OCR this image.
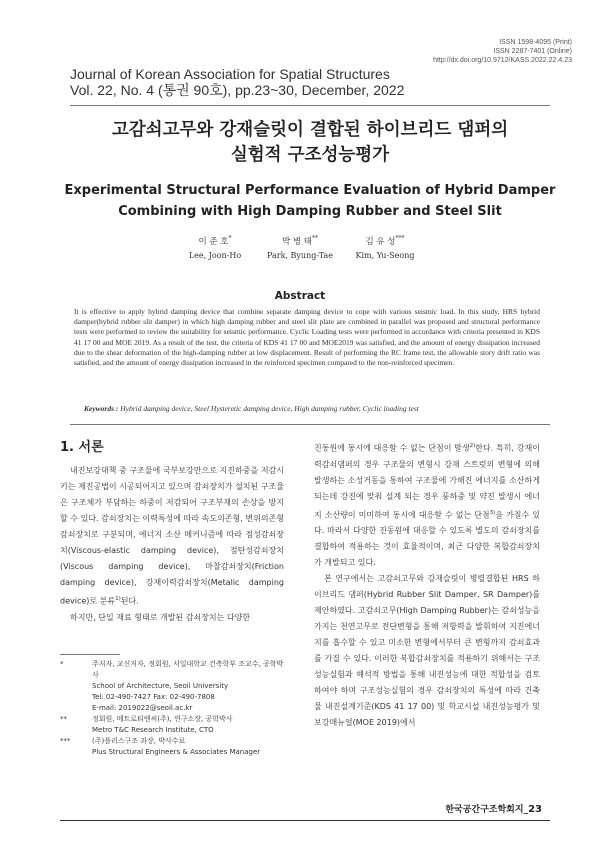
ISSN 1598-4095 (Print)
ISSN 2287-7401 (Online)
http://dx.doi.org/10.9712/KASS.2022.22.4.23
Journal of Korean Association for Spatial Structures
Vol. 22, No. 4 (통권 90호), pp.23~30, December, 2022
고감쇠고무와 강재슬릿이 결합된 하이브리드 댐퍼의
실험적 구조성능평가
Experimental Structural Performance Evaluation of Hybrid Damper
Combining with High Damping Rubber and Steel Slit
이 준 호*
Lee, Joon-Ho
박 병 태**
Park, Byung-Tae
김 유 성***
Kim, Yu-Seong
Abstract
It is effective to apply hybrid damping device that combine separate damping device to cope with various seismic load. In this study, HRS hybrid damper(hybrid rubber slit damper) in which high damping rubber and steel slit plate are combined in parallel was proposed and structural performance tests were performed to review the suitability for seismic performance. Cyclic Loading tests were performed in accordance with criteria presented in KDS 41 17 00 and MOE 2019. As a result of the test, the criteria of KDS 41 17 00 and MOE2019 was satisfied, and the amount of energy dissipation increased due to the shear deformation of the high-damping rubber at low displacement. Result of performing the RC frame test, the allowable story drift ratio was satisfied, and the amount of energy dissipation increased in the reinforced specimen compared to the non-reinforced specimen.
Keywords : Hybrid damping device, Steel Hysteretic damping device, High damping rubber, Cyclic loading test
1. 서론

내진보강대책 중 구조물에 국부보강만으로 지진하중을 저감시키는 제진공법이 시공되어지고 있으며 감쇠장치가 설치된 구조물은 구조체가 부담하는 하중이 저감되어 구조부재의 손상을 방지 할 수 있다. 감쇠장치는 이력특성에 따라 속도의존형, 변위의존형 감쇠장치로 구분되며, 에너지 소산 메커니즘에 따라 점성감쇠장치(Viscous-elastic damping device), 점탄성감쇠장치(Viscous damping device), 마찰감쇠장치(Friction damping device), 강재이력감쇠장치(Metalic damping device)로 분류$^{1)}$된다.

하지만, 단일 재료 형태로 개발된 감쇠장치는 다양한

*	주저자, 교신저자, 정회원, 서일대학교 건축학부 조교수, 공학박사
School of Architecture, Seoil University
Tel: 02-490-7427 Fax: 02-490-7808
E-mail: 2019022@seoil.ac.kr
**	정회원, 메트로티엔씨(주), 연구소장, 공학박사
Metro T&C Research Institute, CTO
***	(주)플러스구조 과장, 박사수료
Plus Structural Engineers & Associates Manager

진동원에 동시에 대응할 수 없는 단점이 발생$^{2)}$한다. 특히, 강재이력감쇠댐퍼의 경우 구조물의 변형시 강재 스트럿의 변형에 의해 발생하는 소성거동을 통하여 구조물에 가해진 에너지를 소산하게 되는데 강진에 맞춰 설계 되는 경우 풍하중 및 약진 발생시 에너지 소산량이 미미하여 동시에 대응할 수 없는 단점$^{3)}$을 가질수 있다. 따라서 다양한 진동원에 대응할 수 있도록 별도의 감쇠장치를 결합하여 적용하는 것이 효율적이며, 최근 다양한 복합감쇠장치가 개발되고 있다.

본 연구에서는 고감쇠고무와 강재슬릿이 병렬결합된 HRS 하이브리드 댐퍼(Hybrid Rubber Slit Damper, SR Damper)를 제안하였다. 고감쇠고무(High Damping Rubber)는 감쇠성능을 가지는 천연고무로 전단변형을 통해 저항력을 발휘하여 지진에너지를 흡수할 수 있고 미소한 변형에서부터 큰 변형까지 감쇠효과를 가질 수 있다. 이러한 복합감쇠장치를 적용하기 위해서는 구조성능실험과 해석적 방법을 통해 내진성능에 대한 적합성을 검토하여야 하며 구조성능실험의 경우 감쇠장치의 특성에 따라 건축물 내진설계기준(KDS 41 17 00) 및 학교시설 내진성능평가 및 보강매뉴얼(MOE 2019)에서

한국공간구조학회지_23
